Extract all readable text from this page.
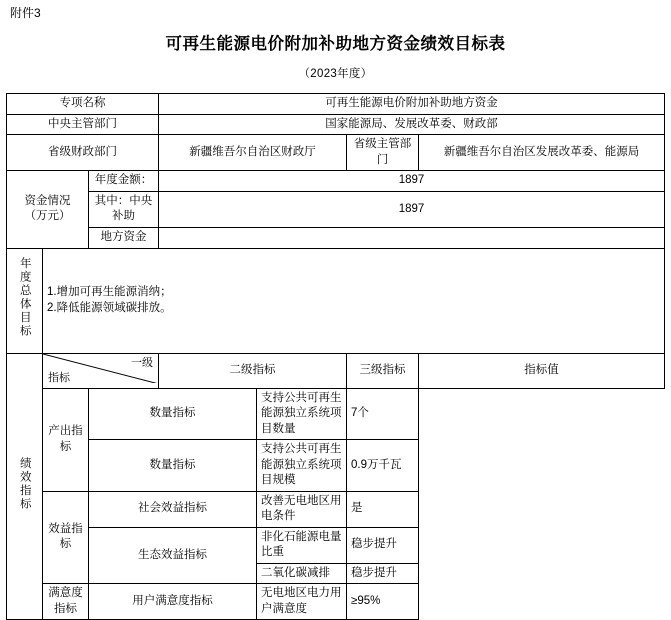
附件3
可再生能源电价附加补助地方资金绩效目标表
（2023年度）
专项名称			可再生能源电价附加补助地方资金			
中央主管部门			国家能源局、发展改革委、财政部			
省级财政部门			新疆维吾尔自治区财政厅		省级主管部门	新疆维吾尔自治区发展改革委、能源局

资金情况
（万元）		年度金额：	1897			
		其中：中央补助	1897			
		地方资金				
年度总体目标	1.增加可再生能源消纳；
2.降低能源领域碳排放。					

绩效指标	一级
指标		二级指标		三级指标	指标值
	产出指标	数量指标		支持公共可再生能源独立系统项目数量	7个	
		数量指标		支持公共可再生能源独立系统项目规模	0.9万千瓦	
	效益指标	社会效益指标		改善无电地区用电条件	是	
		生态效益指标		非化石能源电量比重	稳步提升	
				二氧化碳减排	稳步提升	
	满意度指标	用户满意度指标		无电地区电力用户满意度	≥95%	
